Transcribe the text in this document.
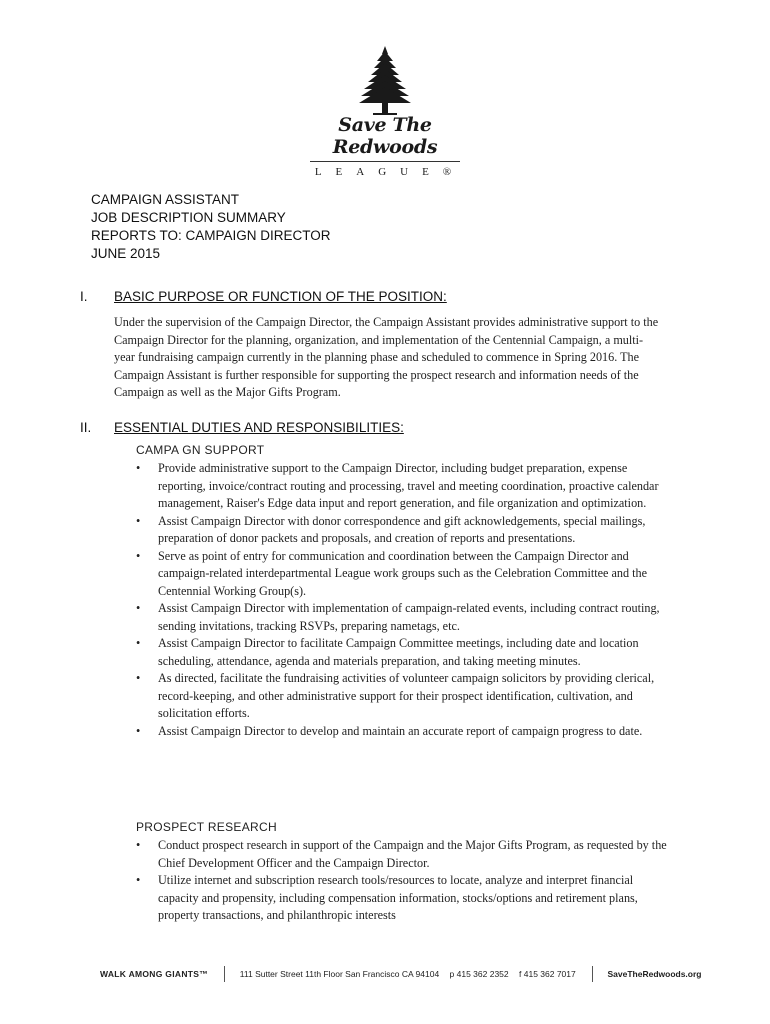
Save The Redwoods
LEAGUE®
CAMPAIGN ASSISTANT
JOB DESCRIPTION SUMMARY
REPORTS TO: CAMPAIGN DIRECTOR
JUNE 2015
I. BASIC PURPOSE OR FUNCTION OF THE POSITION:
Under the supervision of the Campaign Director, the Campaign Assistant provides administrative support to the Campaign Director for the planning, organization, and implementation of the Centennial Campaign, a multi-year fundraising campaign currently in the planning phase and scheduled to commence in Spring 2016. The Campaign Assistant is further responsible for supporting the prospect research and information needs of the Campaign as well as the Major Gifts Program.
II. ESSENTIAL DUTIES AND RESPONSIBILITIES:
CAMPA GN SUPPORT
• Provide administrative support to the Campaign Director, including budget preparation, expense reporting, invoice/contract routing and processing, travel and meeting coordination, proactive calendar management, Raiser's Edge data input and report generation, and file organization and optimization.
• Assist Campaign Director with donor correspondence and gift acknowledgements, special mailings, preparation of donor packets and proposals, and creation of reports and presentations.
• Serve as point of entry for communication and coordination between the Campaign Director and campaign-related interdepartmental League work groups such as the Celebration Committee and the Centennial Working Group(s).
• Assist Campaign Director with implementation of campaign-related events, including contract routing, sending invitations, tracking RSVPs, preparing nametags, etc.
• Assist Campaign Director to facilitate Campaign Committee meetings, including date and location scheduling, attendance, agenda and materials preparation, and taking meeting minutes.
• As directed, facilitate the fundraising activities of volunteer campaign solicitors by providing clerical, record-keeping, and other administrative support for their prospect identification, cultivation, and solicitation efforts.
• Assist Campaign Director to develop and maintain an accurate report of campaign progress to date.
PROSPECT RESEARCH
• Conduct prospect research in support of the Campaign and the Major Gifts Program, as requested by the Chief Development Officer and the Campaign Director.
• Utilize internet and subscription research tools/resources to locate, analyze and interpret financial capacity and propensity, including compensation information, stocks/options and retirement plans, property transactions, and philanthropic interests
WALK AMONG GIANTS™	111 Sutter Street 11th Floor San Francisco CA 94104 p 415 362 2352 f 415 362 7017	SaveTheRedwoods.org
